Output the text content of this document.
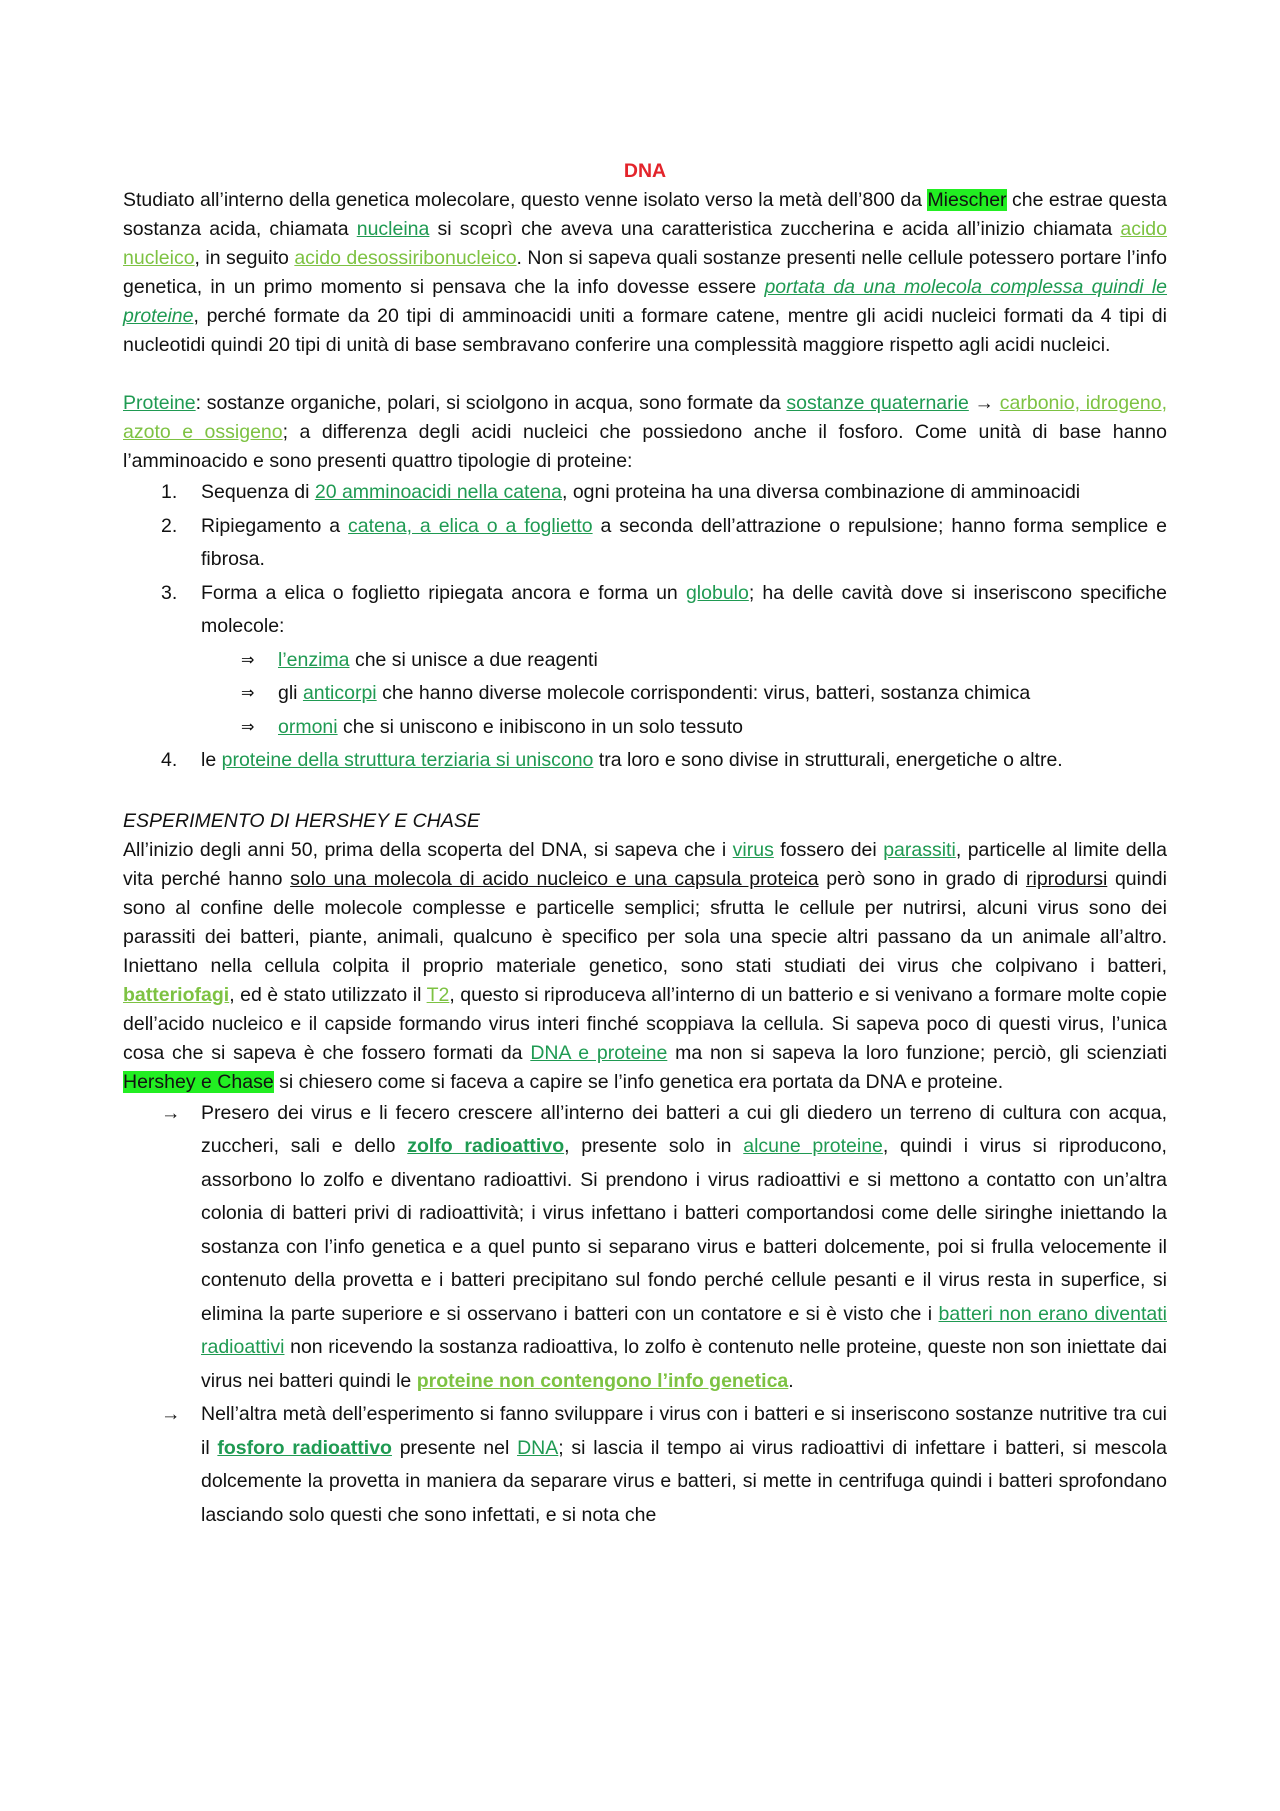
DNA

Studiato all’interno della genetica molecolare, questo venne isolato verso la metà dell’800 da Miescher che estrae questa sostanza acida, chiamata nucleina si scoprì che aveva una caratteristica zuccherina e acida all’inizio chiamata acido nucleico, in seguito acido desossiribonucleico. Non si sapeva quali sostanze presenti nelle cellule potessero portare l’info genetica, in un primo momento si pensava che la info dovesse essere portata da una molecola complessa quindi le proteine, perché formate da 20 tipi di amminoacidi uniti a formare catene, mentre gli acidi nucleici formati da 4 tipi di nucleotidi quindi 20 tipi di unità di base sembravano conferire una complessità maggiore rispetto agli acidi nucleici.

Proteine: sostanze organiche, polari, si sciolgono in acqua, sono formate da sostanze quaternarie → carbonio, idrogeno, azoto e ossigeno; a differenza degli acidi nucleici che possiedono anche il fosforo. Come unità di base hanno l’amminoacido e sono presenti quattro tipologie di proteine:

1. Sequenza di 20 amminoacidi nella catena, ogni proteina ha una diversa combinazione di amminoacidi
2. Ripiegamento a catena, a elica o a foglietto a seconda dell’attrazione o repulsione; hanno forma semplice e fibrosa.
3. Forma a elica o foglietto ripiegata ancora e forma un globulo; ha delle cavità dove si inseriscono specifiche molecole:
⇒ l’enzima che si unisce a due reagenti
⇒ gli anticorpi che hanno diverse molecole corrispondenti: virus, batteri, sostanza chimica
⇒ ormoni che si uniscono e inibiscono in un solo tessuto
4. le proteine della struttura terziaria si uniscono tra loro e sono divise in strutturali, energetiche o altre.

ESPERIMENTO DI HERSHEY E CHASE

All’inizio degli anni 50, prima della scoperta del DNA, si sapeva che i virus fossero dei parassiti, particelle al limite della vita perché hanno solo una molecola di acido nucleico e una capsula proteica però sono in grado di riprodursi quindi sono al confine delle molecole complesse e particelle semplici; sfrutta le cellule per nutrirsi, alcuni virus sono dei parassiti dei batteri, piante, animali, qualcuno è specifico per sola una specie altri passano da un animale all’altro. Iniettano nella cellula colpita il proprio materiale genetico, sono stati studiati dei virus che colpivano i batteri, batteriofagi, ed è stato utilizzato il T2, questo si riproduceva all’interno di un batterio e si venivano a formare molte copie dell’acido nucleico e il capside formando virus interi finché scoppiava la cellula. Si sapeva poco di questi virus, l’unica cosa che si sapeva è che fossero formati da DNA e proteine ma non si sapeva la loro funzione; perciò, gli scienziati Hershey e Chase si chiesero come si faceva a capire se l’info genetica era portata da DNA e proteine.

→ Presero dei virus e li fecero crescere all’interno dei batteri a cui gli diedero un terreno di cultura con acqua, zuccheri, sali e dello zolfo radioattivo, presente solo in alcune proteine, quindi i virus si riproducono, assorbono lo zolfo e diventano radioattivi. Si prendono i virus radioattivi e si mettono a contatto con un’altra colonia di batteri privi di radioattività; i virus infettano i batteri comportandosi come delle siringhe iniettando la sostanza con l’info genetica e a quel punto si separano virus e batteri dolcemente, poi si frulla velocemente il contenuto della provetta e i batteri precipitano sul fondo perché cellule pesanti e il virus resta in superfice, si elimina la parte superiore e si osservano i batteri con un contatore e si è visto che i batteri non erano diventati radioattivi non ricevendo la sostanza radioattiva, lo zolfo è contenuto nelle proteine, queste non son iniettate dai virus nei batteri quindi le proteine non contengono l’info genetica.
→ Nell’altra metà dell’esperimento si fanno sviluppare i virus con i batteri e si inseriscono sostanze nutritive tra cui il fosforo radioattivo presente nel DNA; si lascia il tempo ai virus radioattivi di infettare i batteri, si mescola dolcemente la provetta in maniera da separare virus e batteri, si mette in centrifuga quindi i batteri sprofondano lasciando solo questi che sono infettati, e si nota che
